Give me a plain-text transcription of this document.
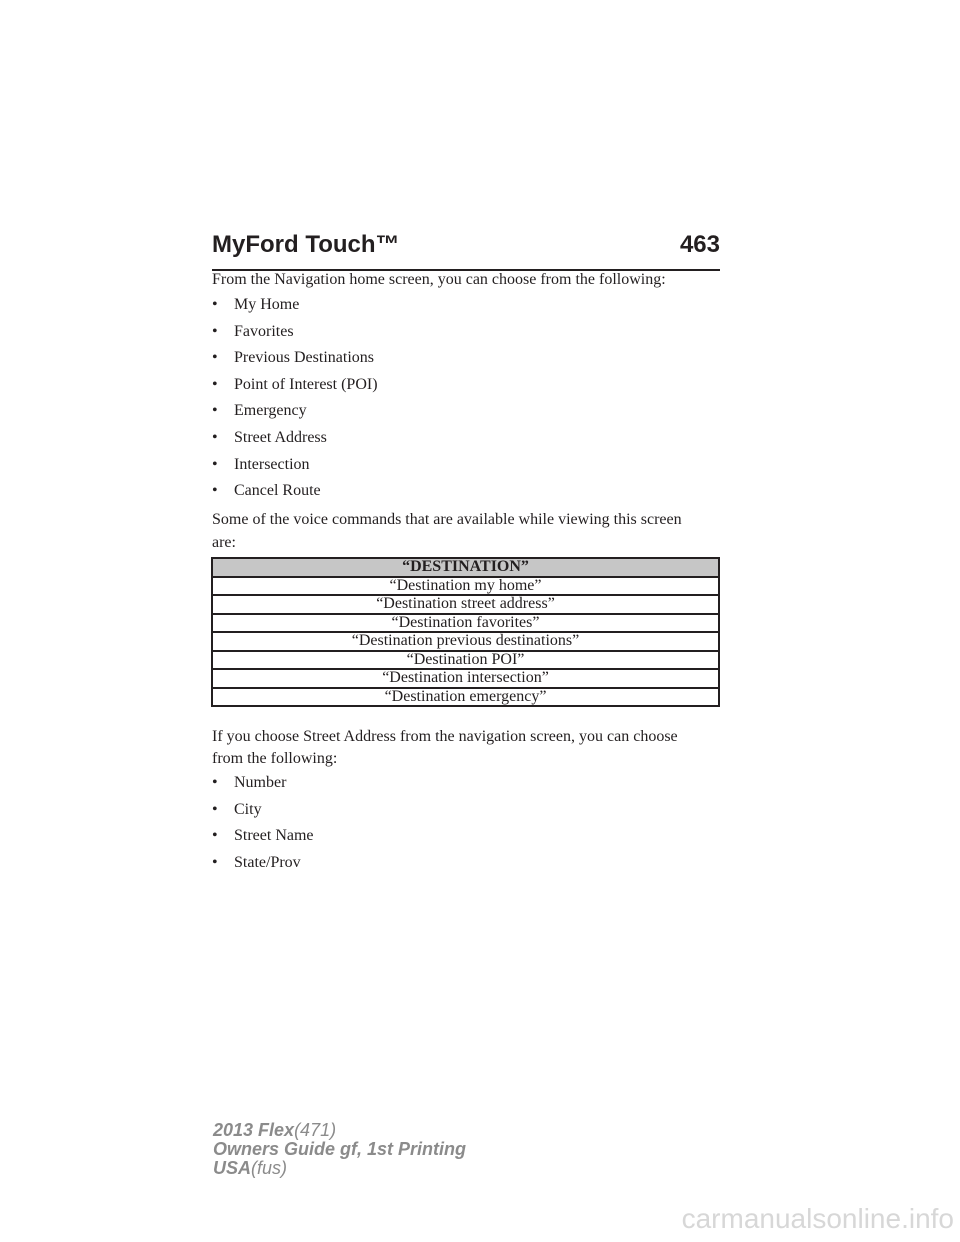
MyFord Touch™	463
From the Navigation home screen, you can choose from the following:
• My Home
• Favorites
• Previous Destinations
• Point of Interest (POI)
• Emergency
• Street Address
• Intersection
• Cancel Route
Some of the voice commands that are available while viewing this screen
are:
“DESTINATION”
“Destination my home”
“Destination street address”
“Destination favorites”
“Destination previous destinations”
“Destination POI”
“Destination intersection”
“Destination emergency”
If you choose Street Address from the navigation screen, you can choose
from the following:
• Number
• City
• Street Name
• State/Prov
2013 Flex(471)
Owners Guide gf, 1st Printing
USA(fus)
carmanualsonline.info
